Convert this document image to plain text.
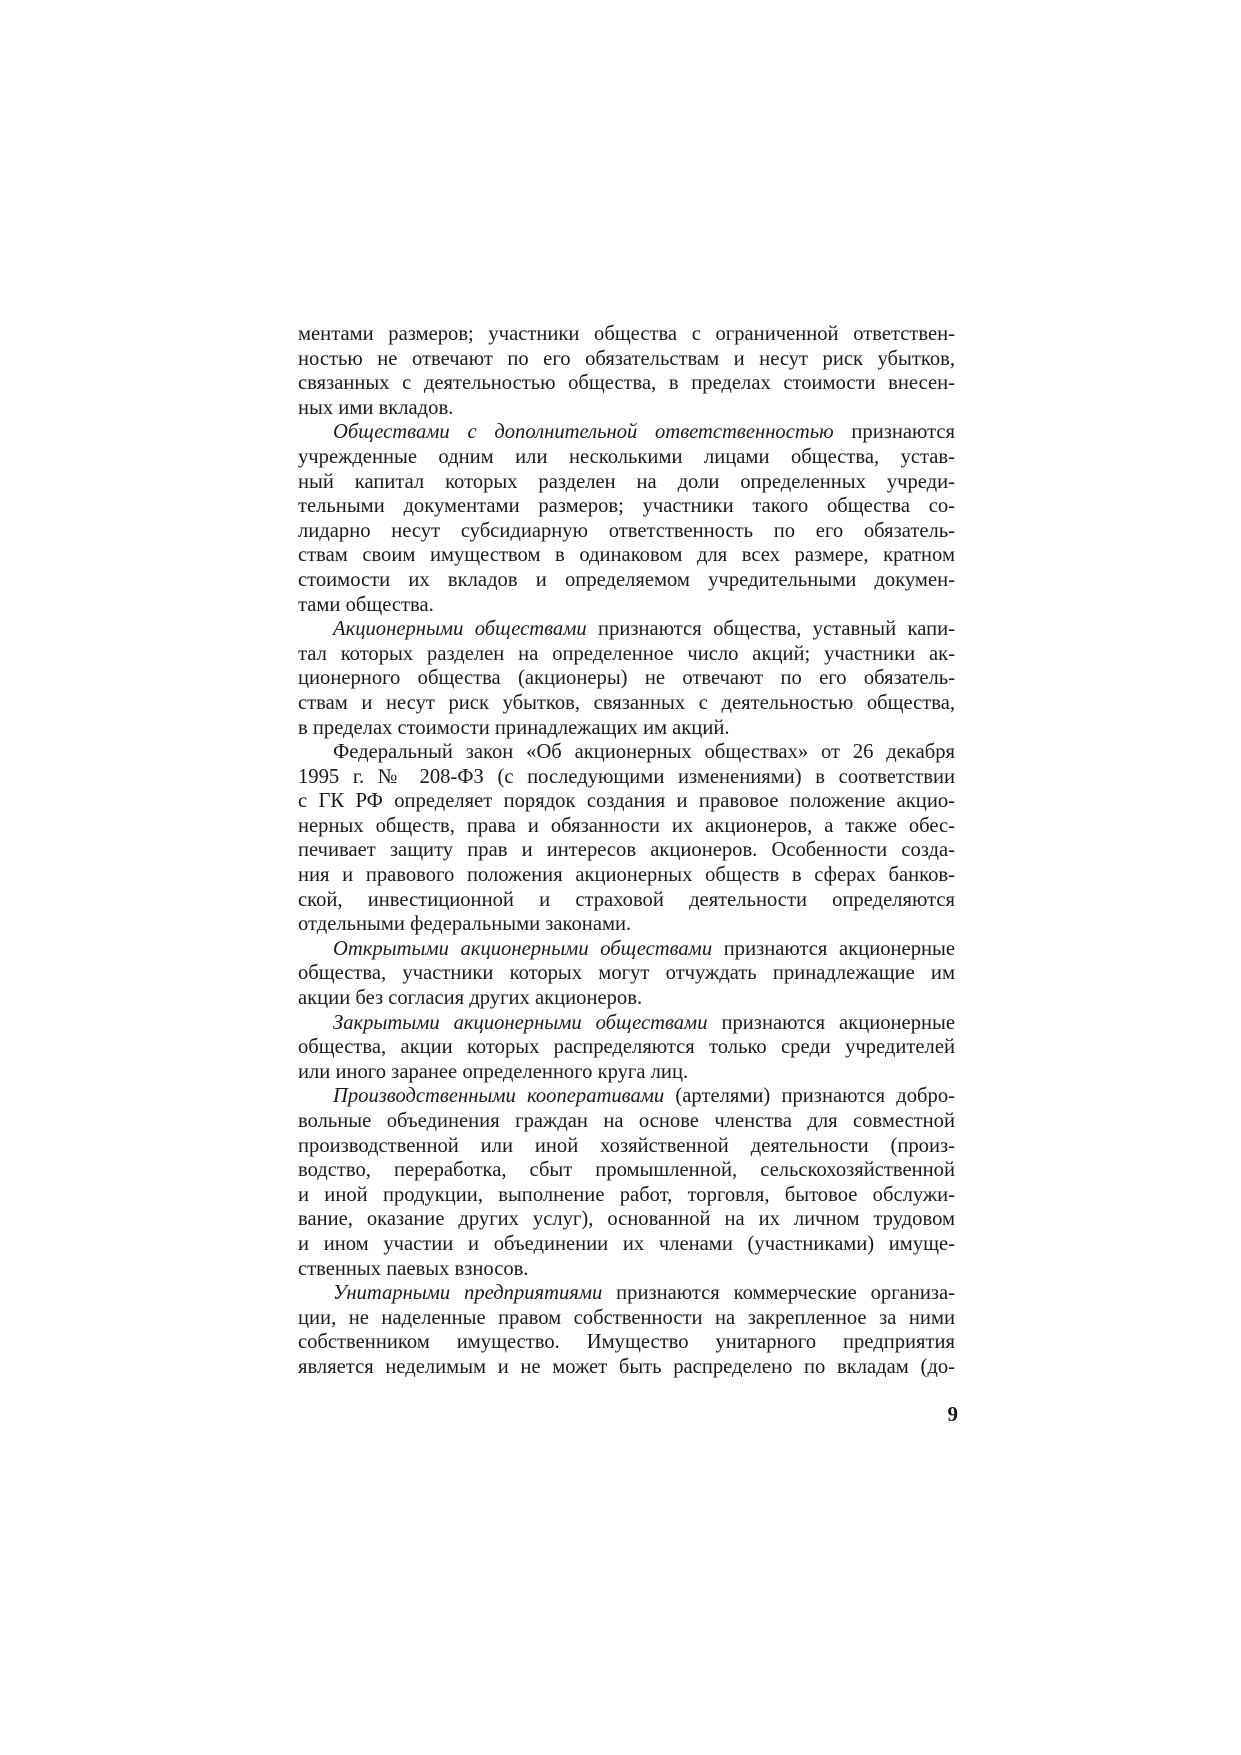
ментами размеров; участники общества с ограниченной ответствен-
ностью не отвечают по его обязательствам и несут риск убытков,
связанных с деятельностью общества, в пределах стоимости внесен-
ных ими вкладов.
Обществами с дополнительной ответственностью признаются
учрежденные одним или несколькими лицами общества, устав-
ный капитал которых разделен на доли определенных учреди-
тельными документами размеров; участники такого общества со-
лидарно несут субсидиарную ответственность по его обязатель-
ствам своим имуществом в одинаковом для всех размере, кратном
стоимости их вкладов и определяемом учредительными докумен-
тами общества.
Акционерными обществами признаются общества, уставный капи-
тал которых разделен на определенное число акций; участники ак-
ционерного общества (акционеры) не отвечают по его обязатель-
ствам и несут риск убытков, связанных с деятельностью общества,
в пределах стоимости принадлежащих им акций.
Федеральный закон «Об акционерных обществах» от 26 декабря
1995 г. № 208-ФЗ (с последующими изменениями) в соответствии
с ГК РФ определяет порядок создания и правовое положение акцио-
нерных обществ, права и обязанности их акционеров, а также обес-
печивает защиту прав и интересов акционеров. Особенности созда-
ния и правового положения акционерных обществ в сферах банков-
ской, инвестиционной и страховой деятельности определяются
отдельными федеральными законами.
Открытыми акционерными обществами признаются акционерные
общества, участники которых могут отчуждать принадлежащие им
акции без согласия других акционеров.
Закрытыми акционерными обществами признаются акционерные
общества, акции которых распределяются только среди учредителей
или иного заранее определенного круга лиц.
Производственными кооперативами (артелями) признаются добро-
вольные объединения граждан на основе членства для совместной
производственной или иной хозяйственной деятельности (произ-
водство, переработка, сбыт промышленной, сельскохозяйственной
и иной продукции, выполнение работ, торговля, бытовое обслужи-
вание, оказание других услуг), основанной на их личном трудовом
и ином участии и объединении их членами (участниками) имуще-
ственных паевых взносов.
Унитарными предприятиями признаются коммерческие организа-
ции, не наделенные правом собственности на закрепленное за ними
собственником имущество. Имущество унитарного предприятия
является неделимым и не может быть распределено по вкладам (до-
9
